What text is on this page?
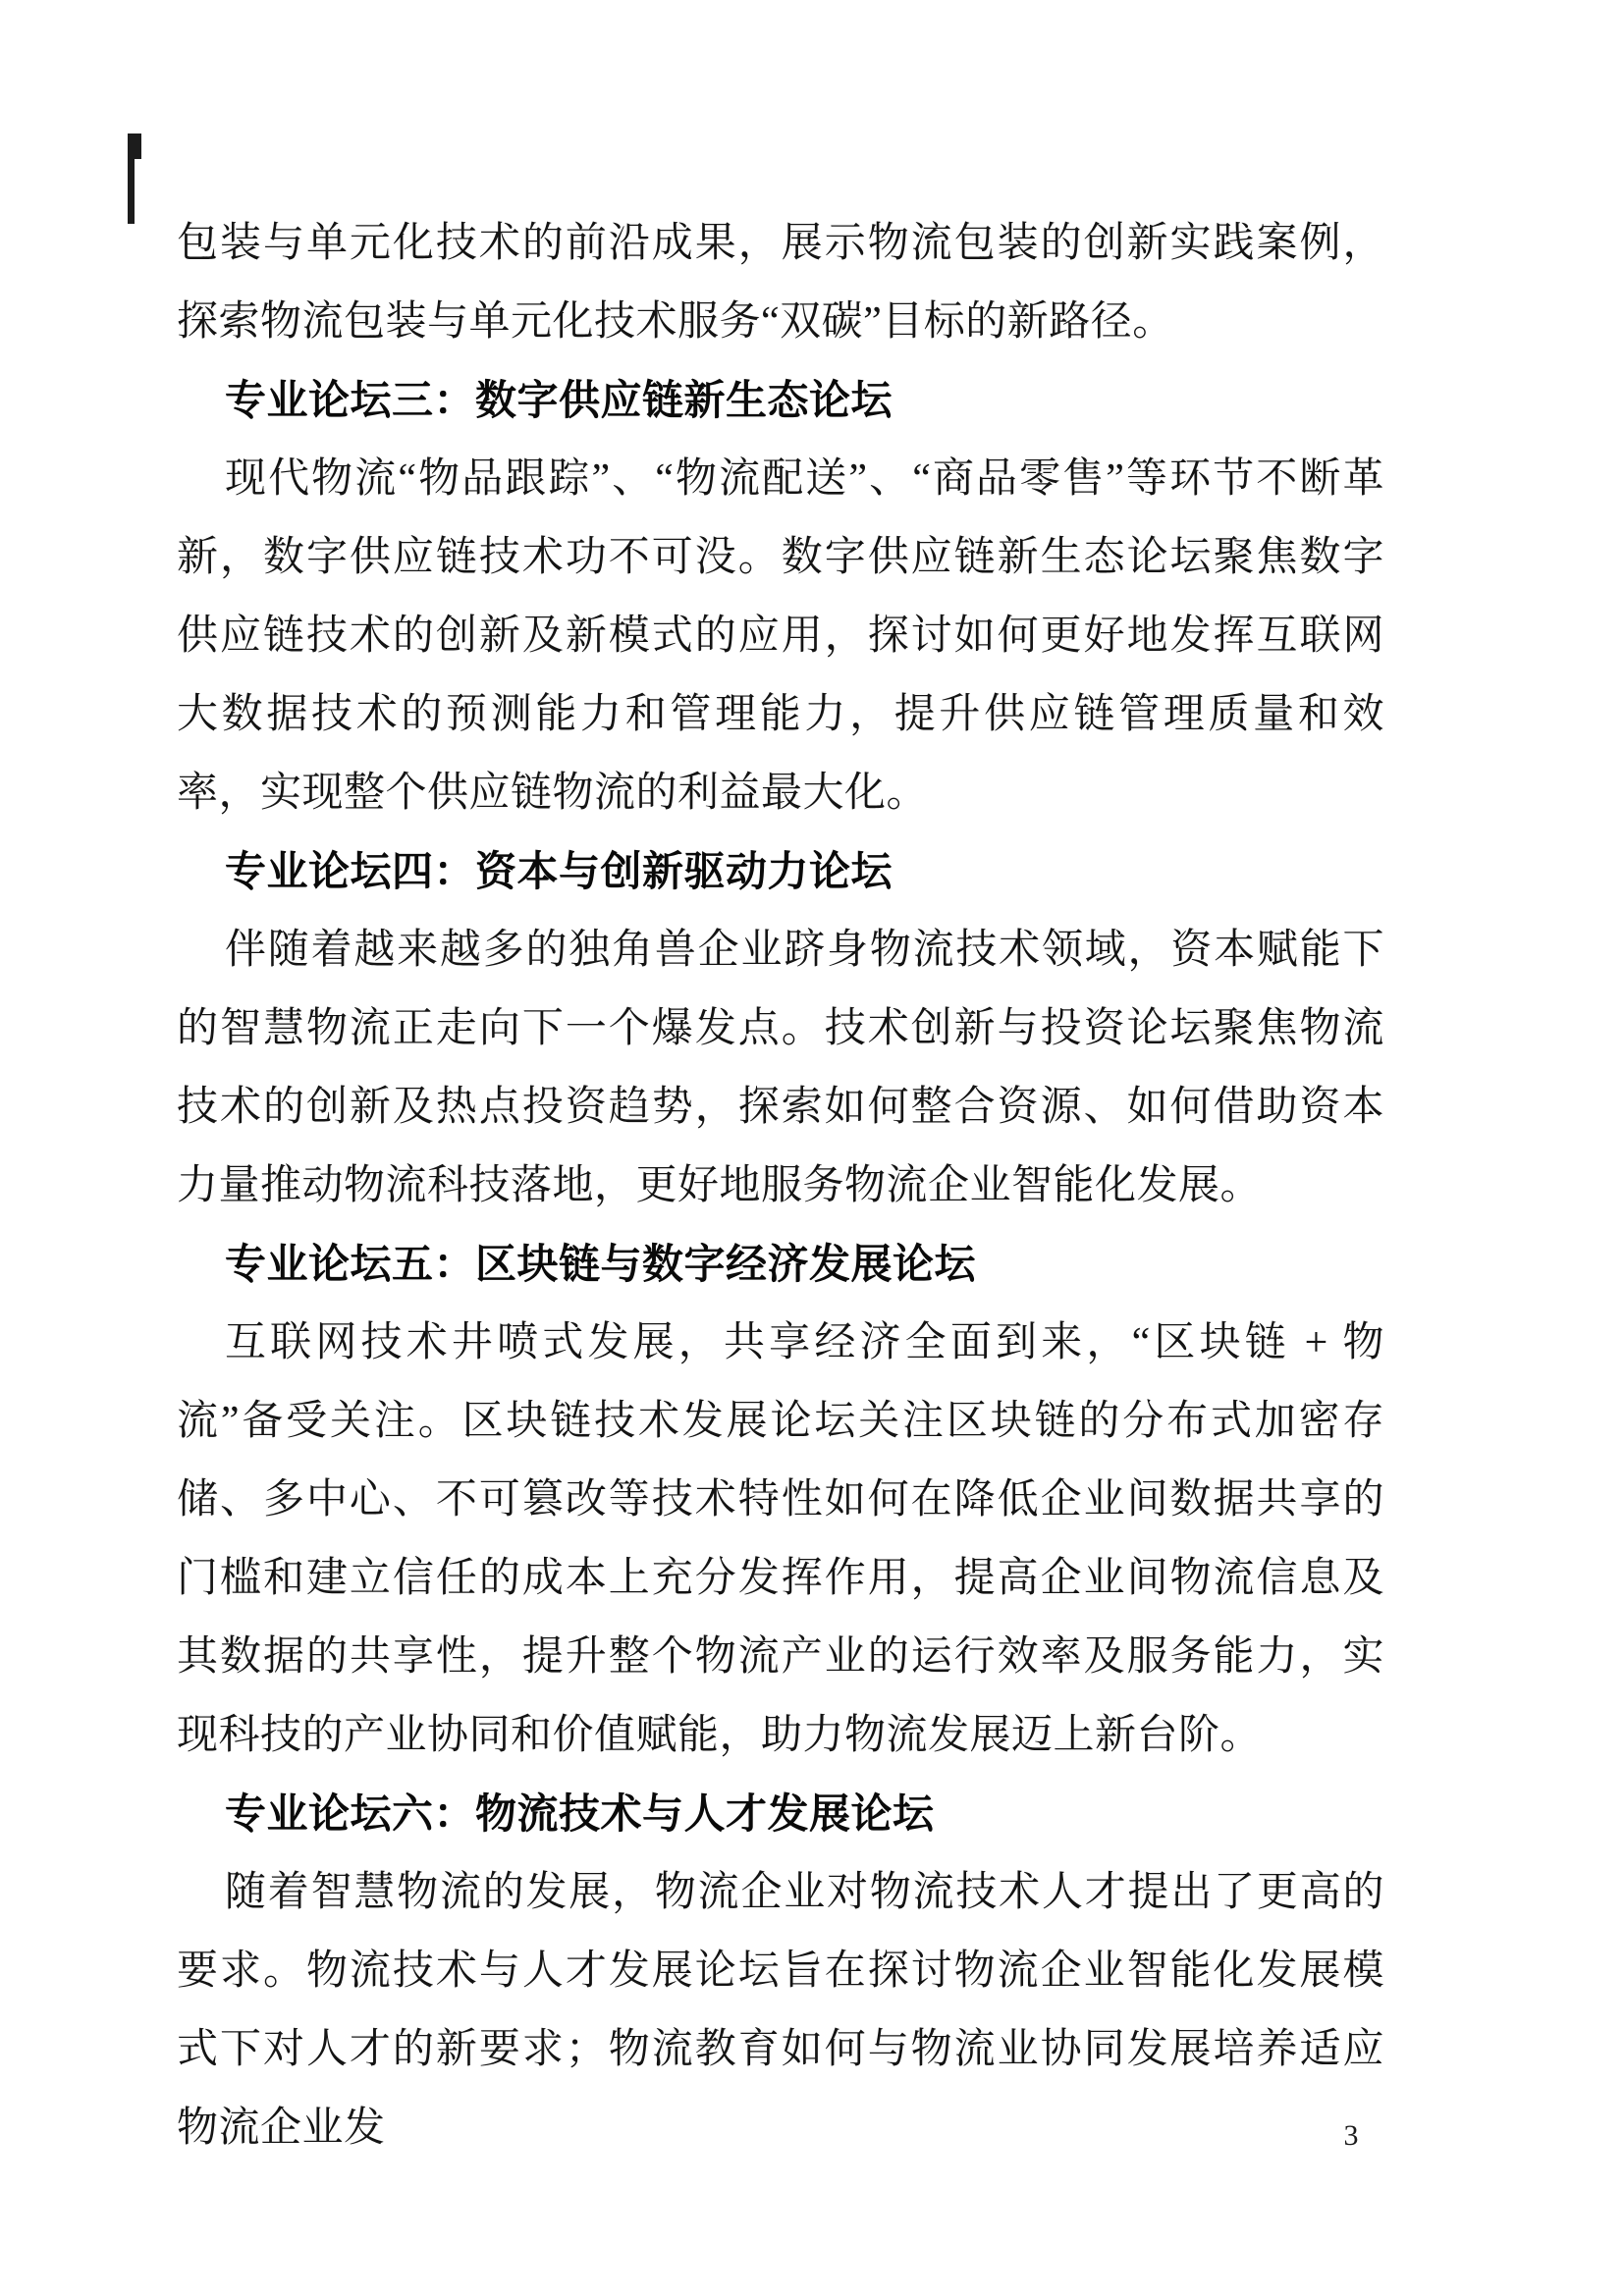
包装与单元化技术的前沿成果，展示物流包装的创新实践案例，探索物流包装与单元化技术服务“双碳”目标的新路径。

专业论坛三：数字供应链新生态论坛

现代物流“物品跟踪”、“物流配送”、“商品零售”等环节不断革新，数字供应链技术功不可没。数字供应链新生态论坛聚焦数字供应链技术的创新及新模式的应用，探讨如何更好地发挥互联网大数据技术的预测能力和管理能力，提升供应链管理质量和效率，实现整个供应链物流的利益最大化。

专业论坛四：资本与创新驱动力论坛

伴随着越来越多的独角兽企业跻身物流技术领域，资本赋能下的智慧物流正走向下一个爆发点。技术创新与投资论坛聚焦物流技术的创新及热点投资趋势，探索如何整合资源、如何借助资本力量推动物流科技落地，更好地服务物流企业智能化发展。

专业论坛五：区块链与数字经济发展论坛

互联网技术井喷式发展，共享经济全面到来，“区块链 + 物流”备受关注。区块链技术发展论坛关注区块链的分布式加密存储、多中心、不可篡改等技术特性如何在降低企业间数据共享的门槛和建立信任的成本上充分发挥作用，提高企业间物流信息及其数据的共享性，提升整个物流产业的运行效率及服务能力，实现科技的产业协同和价值赋能，助力物流发展迈上新台阶。

专业论坛六：物流技术与人才发展论坛

随着智慧物流的发展，物流企业对物流技术人才提出了更高的要求。物流技术与人才发展论坛旨在探讨物流企业智能化发展模式下对人才的新要求；物流教育如何与物流业协同发展培养适应物流企业发	3
